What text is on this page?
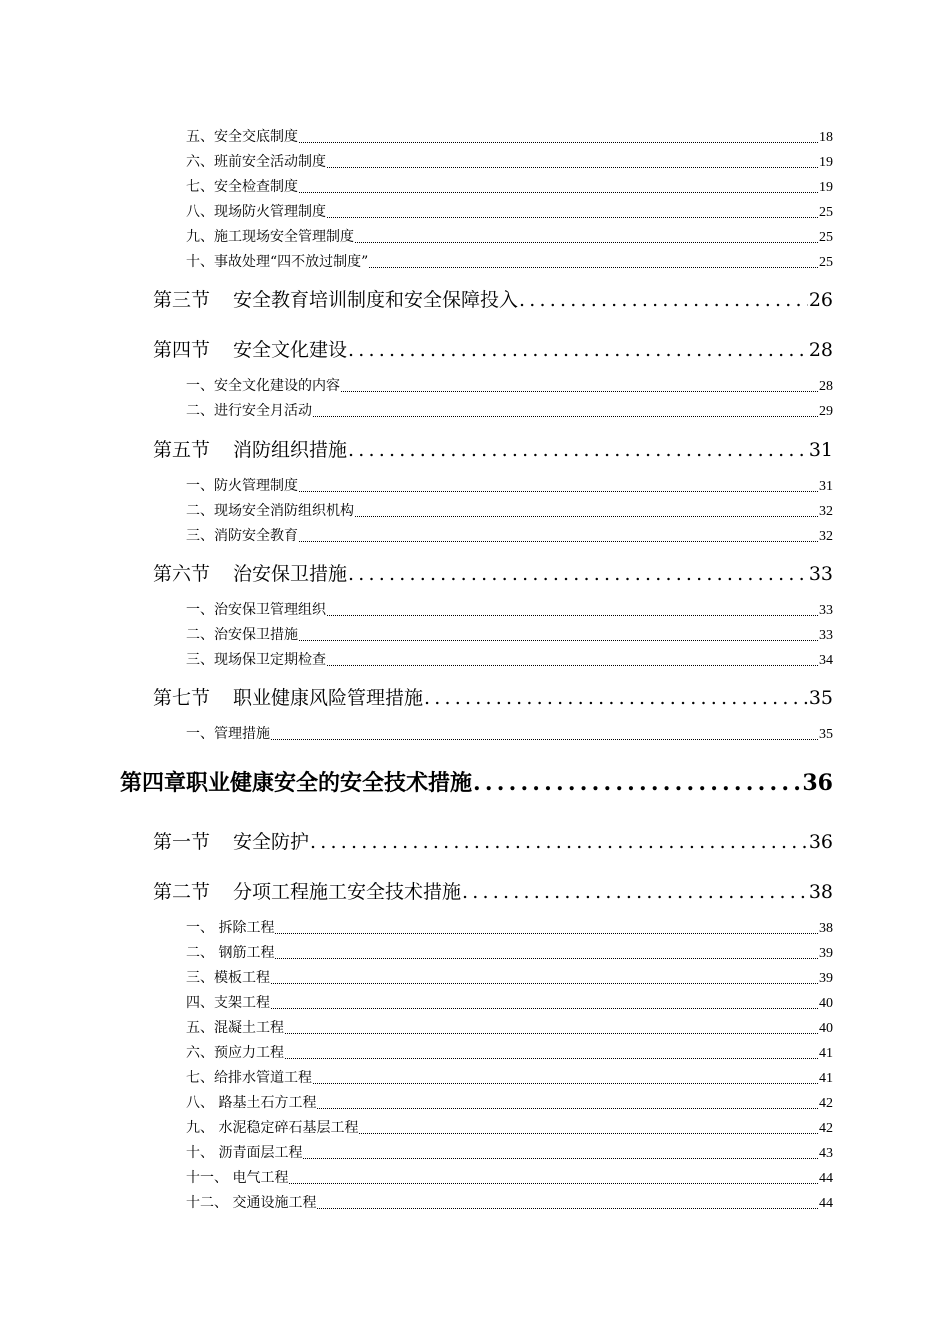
五、安全交底制度	18
六、班前安全活动制度	19
七、安全检查制度	19
八、现场防火管理制度	25
九、施工现场安全管理制度	25
十、事故处理“四不放过制度”	25
第三节 安全教育培训制度和安全保障投入 .....	26
第四节 安全文化建设 .....	28
一、安全文化建设的内容	28
二、进行安全月活动	29
第五节 消防组织措施 .....	31
一、防火管理制度	31
二、现场安全消防组织机构	32
三、消防安全教育	32
第六节 治安保卫措施 .....	33
一、治安保卫管理组织	33
二、治安保卫措施	33
三、现场保卫定期检查	34
第七节 职业健康风险管理措施 .....	35
一、管理措施	35
第四章职业健康安全的安全技术措施 .....	36
第一节 安全防护 .....	36
第二节 分项工程施工安全技术措施 .....	38
一、 拆除工程	38
二、 钢筋工程	39
三、模板工程	39
四、支架工程	40
五、混凝土工程	40
六、预应力工程	41
七、给排水管道工程	41
八、 路基土石方工程	42
九、 水泥稳定碎石基层工程	42
十、 沥青面层工程	43
十一、 电气工程	44
十二、 交通设施工程	44
